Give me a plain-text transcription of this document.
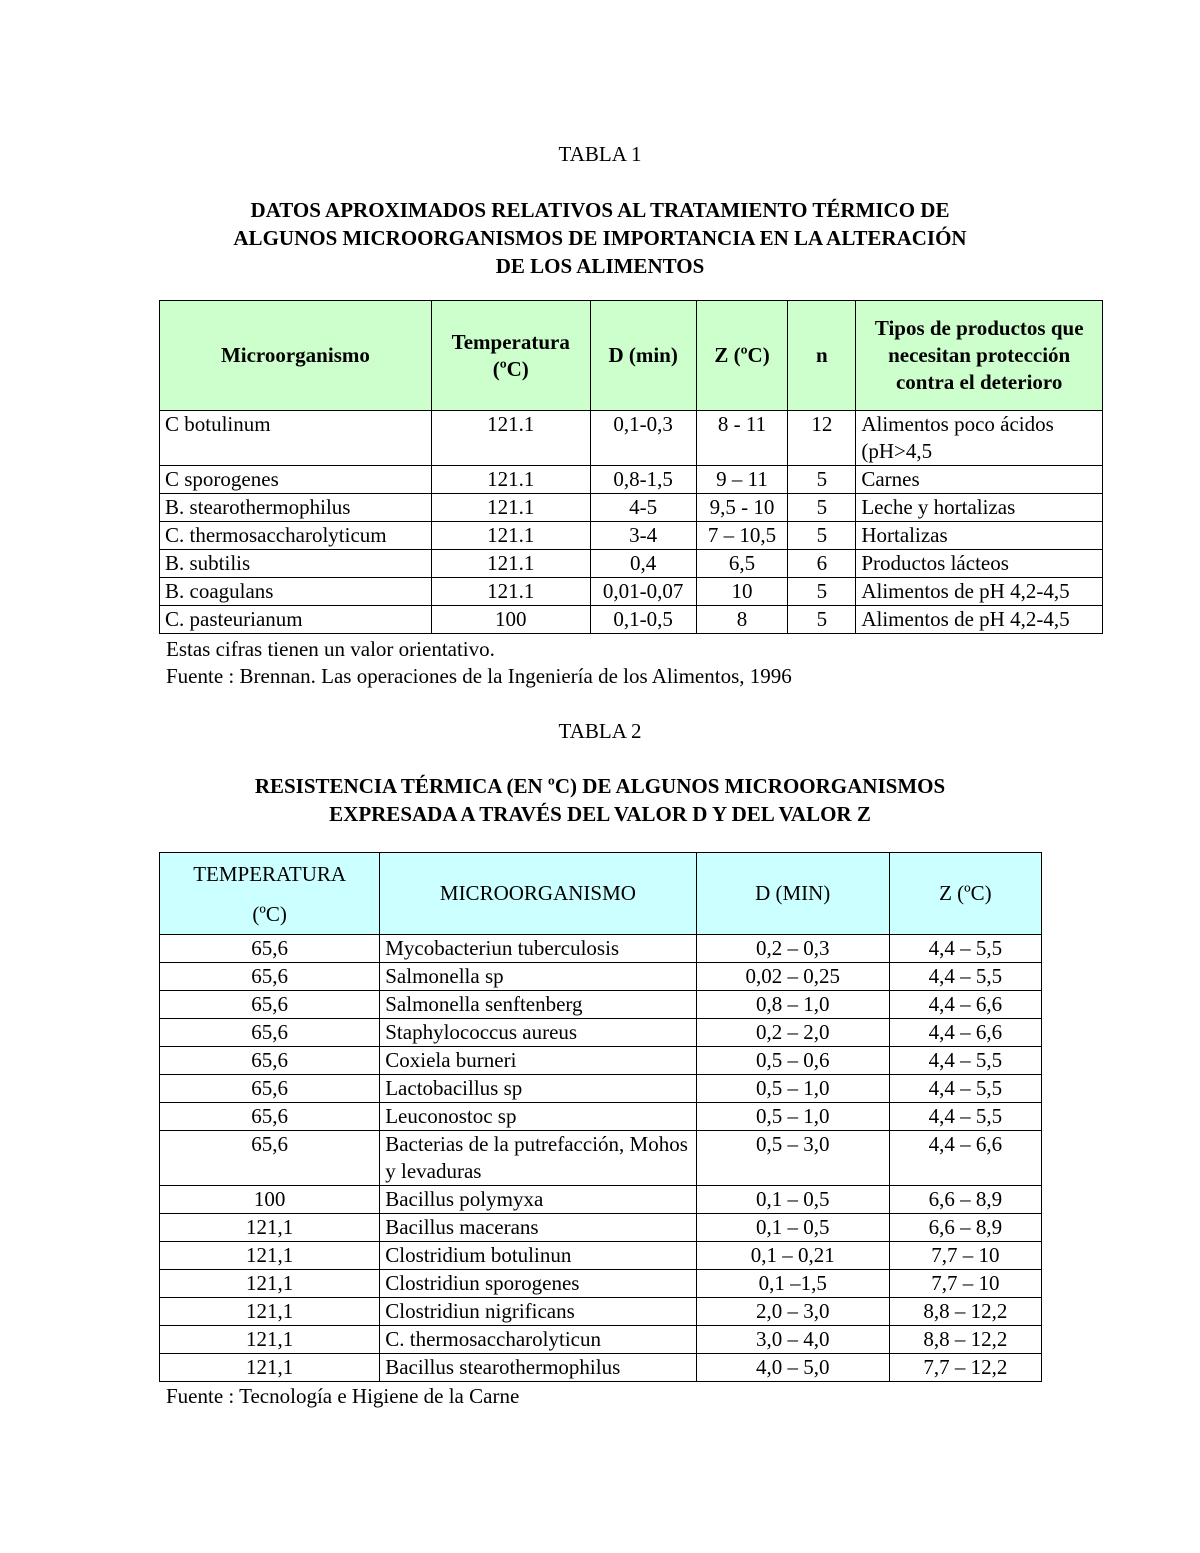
TABLA 1
DATOS APROXIMADOS RELATIVOS AL TRATAMIENTO TÉRMICO DE
ALGUNOS MICROORGANISMOS DE IMPORTANCIA EN LA ALTERACIÓN
DE LOS ALIMENTOS
Microorganismo	Temperatura (ºC)	D (min)	Z (ºC)	n	Tipos de productos que necesitan protección contra el deterioro
C botulinum	121.1	0,1-0,3	8 - 11	12	Alimentos poco ácidos (pH>4,5
C sporogenes	121.1	0,8-1,5	9 – 11	5	Carnes
B. stearothermophilus	121.1	4-5	9,5 - 10	5	Leche y hortalizas
C. thermosaccharolyticum	121.1	3-4	7 – 10,5	5	Hortalizas
B. subtilis	121.1	0,4	6,5	6	Productos lácteos
B. coagulans	121.1	0,01-0,07	10	5	Alimentos de pH 4,2-4,5
C. pasteurianum	100	0,1-0,5	8	5	Alimentos de pH 4,2-4,5
Estas cifras tienen un valor orientativo.
Fuente : Brennan. Las operaciones de la Ingeniería de los Alimentos, 1996
TABLA 2
RESISTENCIA TÉRMICA (EN ºC) DE ALGUNOS MICROORGANISMOS
EXPRESADA A TRAVÉS DEL VALOR D Y DEL VALOR Z
TEMPERATURA
(ºC)	MICROORGANISMO	D (MIN)	Z (ºC)
65,6	Mycobacteriun tuberculosis	0,2 – 0,3	4,4 – 5,5
65,6	Salmonella sp	0,02 – 0,25	4,4 – 5,5
65,6	Salmonella senftenberg	0,8 – 1,0	4,4 – 6,6
65,6	Staphylococcus aureus	0,2 – 2,0	4,4 – 6,6
65,6	Coxiela burneri	0,5 – 0,6	4,4 – 5,5
65,6	Lactobacillus sp	0,5 – 1,0	4,4 – 5,5
65,6	Leuconostoc sp	0,5 – 1,0	4,4 – 5,5
65,6	Bacterias de la putrefacción, Mohos y levaduras	0,5 – 3,0	4,4 – 6,6
100	Bacillus polymyxa	0,1 – 0,5	6,6 – 8,9
121,1	Bacillus macerans	0,1 – 0,5	6,6 – 8,9
121,1	Clostridium botulinun	0,1 – 0,21	7,7 – 10
121,1	Clostridiun sporogenes	0,1 –1,5	7,7 – 10
121,1	Clostridiun nigrificans	2,0 – 3,0	8,8 – 12,2
121,1	C. thermosaccharolyticun	3,0 – 4,0	8,8 – 12,2
121,1	Bacillus stearothermophilus	4,0 – 5,0	7,7 – 12,2
Fuente : Tecnología e Higiene de la Carne
